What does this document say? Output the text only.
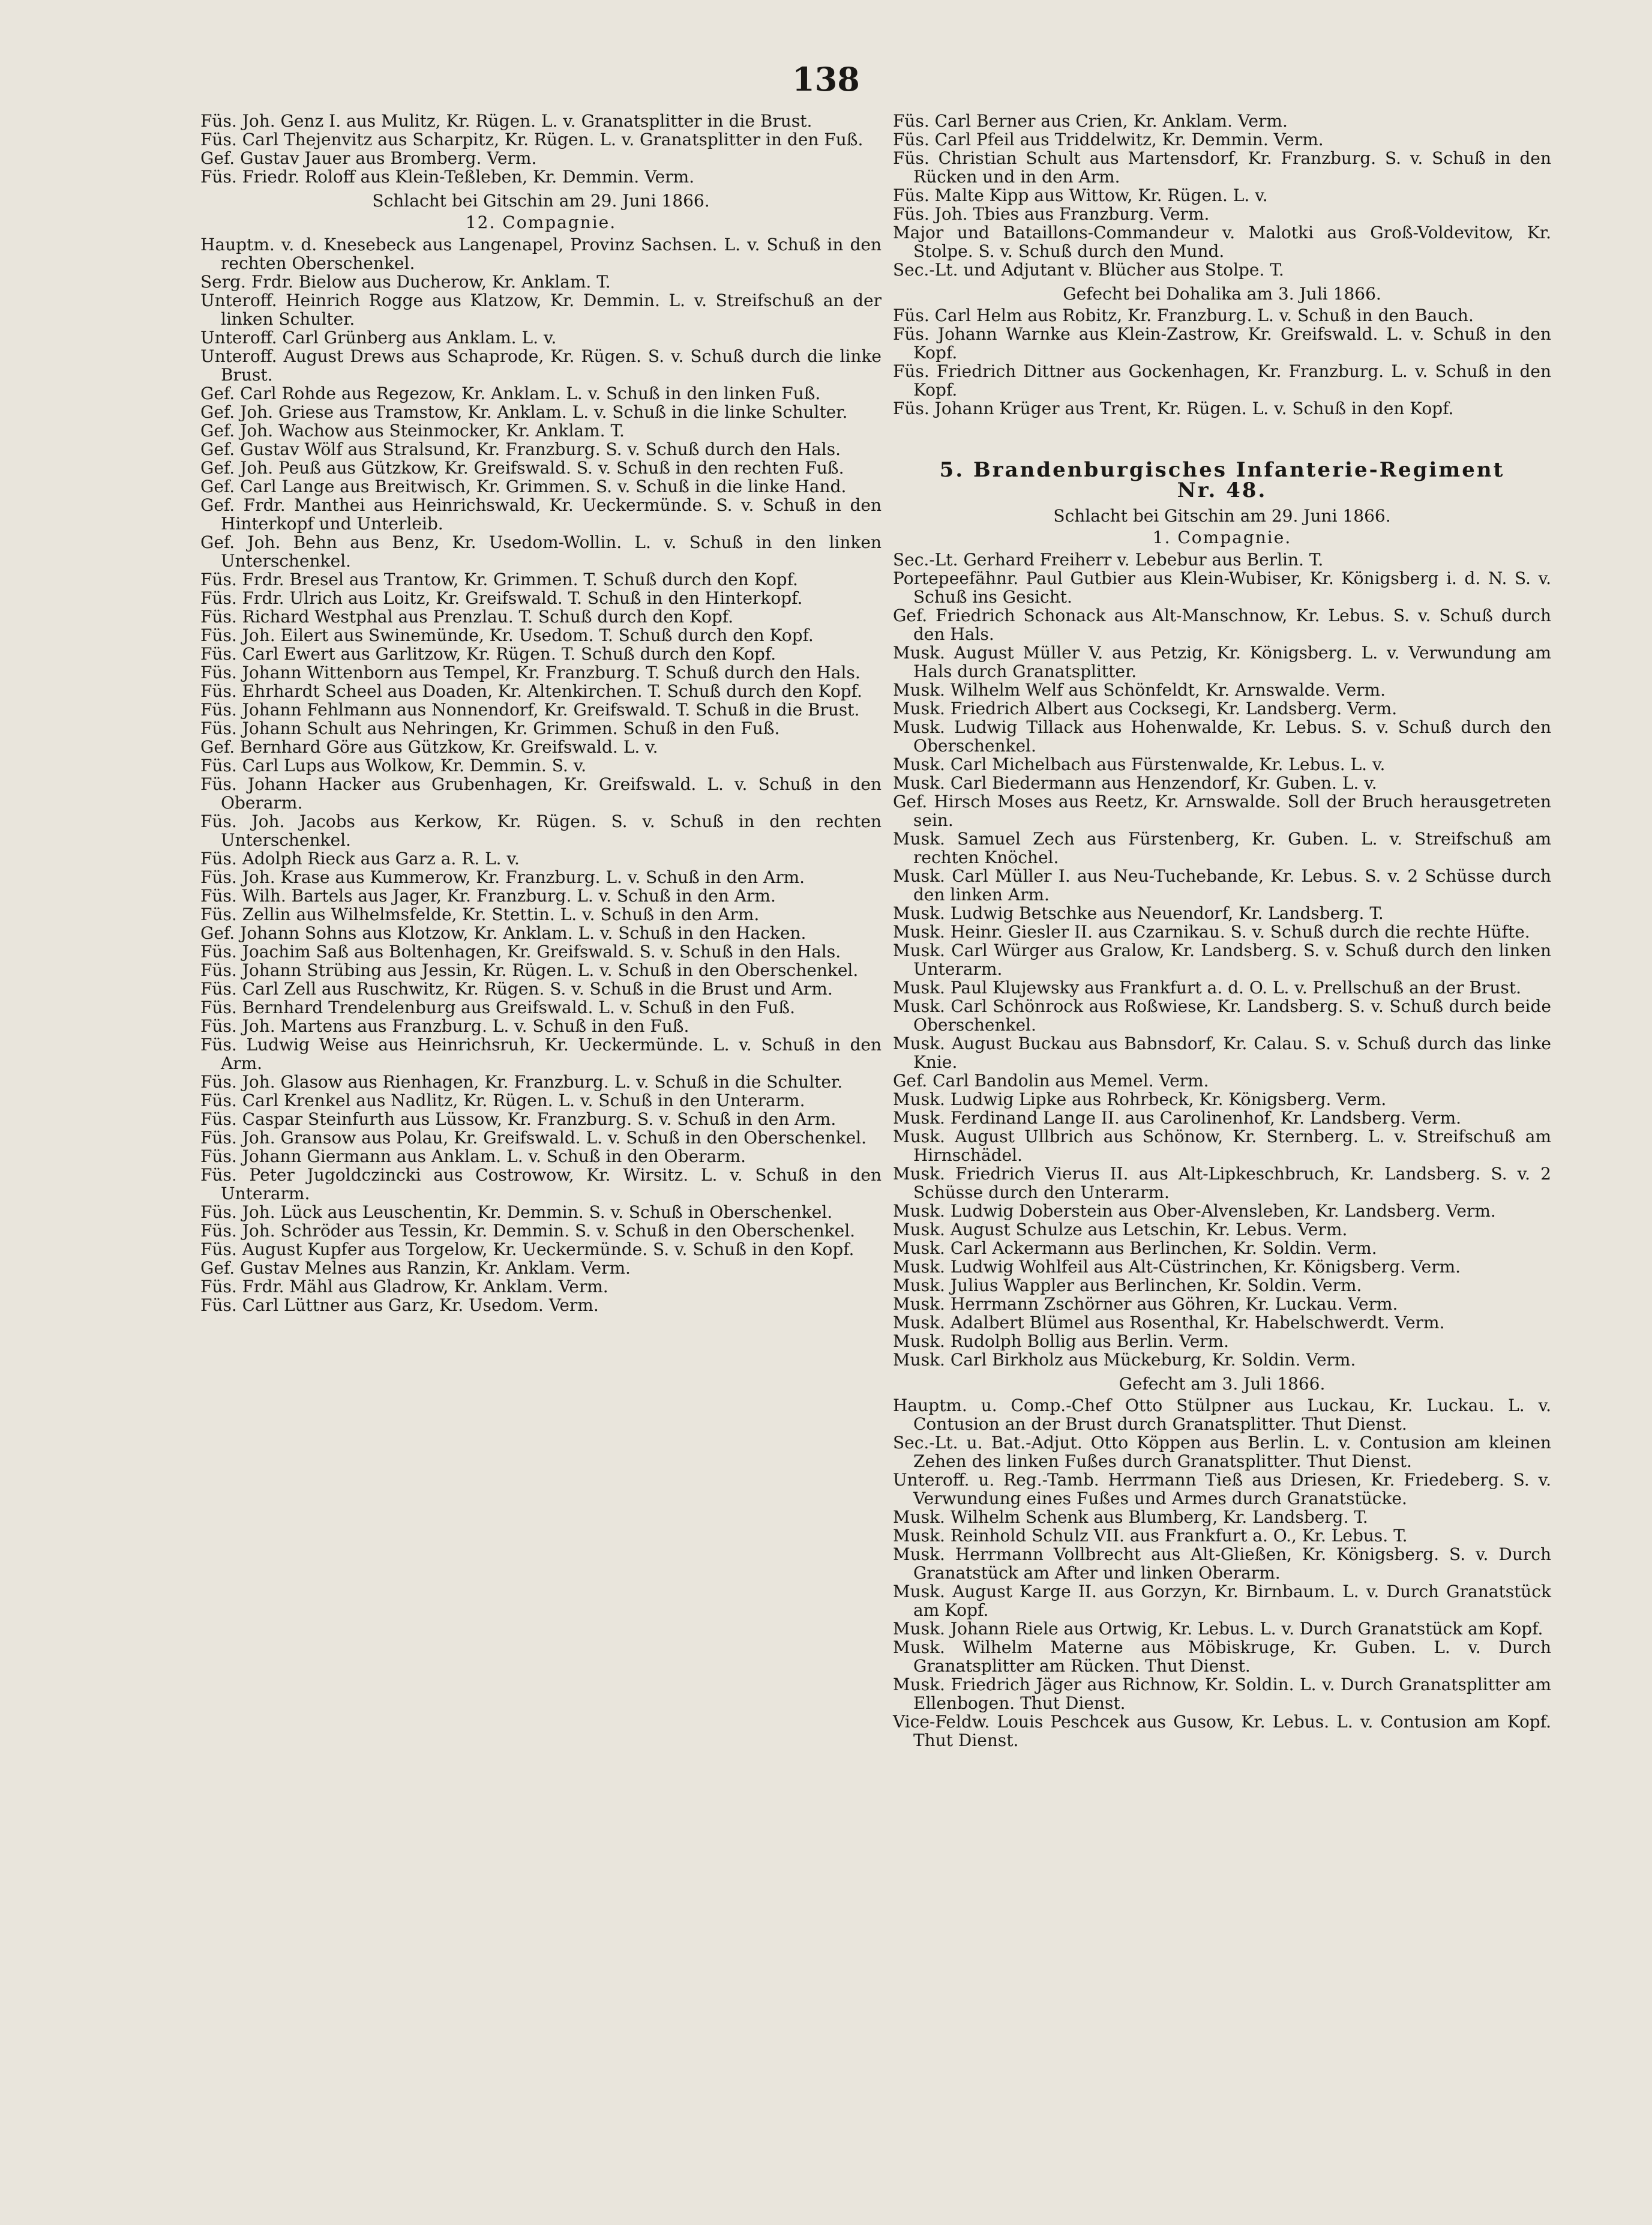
138

Füs. Joh. Genz I. aus Mulitz, Kr. Rügen. L. v. Granatsplitter in die Brust.

Füs. Carl Thejenvitz aus Scharpitz, Kr. Rügen. L. v. Granatsplitter in den Fuß.

Gef. Gustav Jauer aus Bromberg. Verm.

Füs. Friedr. Roloff aus Klein-Teßleben, Kr. Demmin. Verm.

Schlacht bei Gitschin am 29. Juni 1866.

12. Compagnie.

Hauptm. v. d. Knesebeck aus Langenapel, Provinz Sachsen. L. v. Schuß in den rechten Oberschenkel.

Serg. Frdr. Bielow aus Ducherow, Kr. Anklam. T.

Unteroff. Heinrich Rogge aus Klatzow, Kr. Demmin. L. v. Streifschuß an der linken Schulter.

Unteroff. Carl Grünberg aus Anklam. L. v.

Unteroff. August Drews aus Schaprode, Kr. Rügen. S. v. Schuß durch die linke Brust.

Gef. Carl Rohde aus Regezow, Kr. Anklam. L. v. Schuß in den linken Fuß.

Gef. Joh. Griese aus Tramstow, Kr. Anklam. L. v. Schuß in die linke Schulter.

Gef. Joh. Wachow aus Steinmocker, Kr. Anklam. T.

Gef. Gustav Wölf aus Stralsund, Kr. Franzburg. S. v. Schuß durch den Hals.

Gef. Joh. Peuß aus Gützkow, Kr. Greifswald. S. v. Schuß in den rechten Fuß.

Gef. Carl Lange aus Breitwisch, Kr. Grimmen. S. v. Schuß in die linke Hand.

Gef. Frdr. Manthei aus Heinrichswald, Kr. Ueckermünde. S. v. Schuß in den Hinterkopf und Unterleib.

Gef. Joh. Behn aus Benz, Kr. Usedom-Wollin. L. v. Schuß in den linken Unterschenkel.

Füs. Frdr. Bresel aus Trantow, Kr. Grimmen. T. Schuß durch den Kopf.

Füs. Frdr. Ulrich aus Loitz, Kr. Greifswald. T. Schuß in den Hinterkopf.

Füs. Richard Westphal aus Prenzlau. T. Schuß durch den Kopf.

Füs. Joh. Eilert aus Swinemünde, Kr. Usedom. T. Schuß durch den Kopf.

Füs. Carl Ewert aus Garlitzow, Kr. Rügen. T. Schuß durch den Kopf.

Füs. Johann Wittenborn aus Tempel, Kr. Franzburg. T. Schuß durch den Hals.

Füs. Ehrhardt Scheel aus Doaden, Kr. Altenkirchen. T. Schuß durch den Kopf.

Füs. Johann Fehlmann aus Nonnendorf, Kr. Greifswald. T. Schuß in die Brust.

Füs. Johann Schult aus Nehringen, Kr. Grimmen. Schuß in den Fuß.

Gef. Bernhard Göre aus Gützkow, Kr. Greifswald. L. v.

Füs. Carl Lups aus Wolkow, Kr. Demmin. S. v.

Füs. Johann Hacker aus Grubenhagen, Kr. Greifswald. L. v. Schuß in den Oberarm.

Füs. Joh. Jacobs aus Kerkow, Kr. Rügen. S. v. Schuß in den rechten Unterschenkel.

Füs. Adolph Rieck aus Garz a. R. L. v.

Füs. Joh. Krase aus Kummerow, Kr. Franzburg. L. v. Schuß in den Arm.

Füs. Wilh. Bartels aus Jager, Kr. Franzburg. L. v. Schuß in den Arm.

Füs. Zellin aus Wilhelmsfelde, Kr. Stettin. L. v. Schuß in den Arm.

Gef. Johann Sohns aus Klotzow, Kr. Anklam. L. v. Schuß in den Hacken.

Füs. Joachim Saß aus Boltenhagen, Kr. Greifswald. S. v. Schuß in den Hals.

Füs. Johann Strübing aus Jessin, Kr. Rügen. L. v. Schuß in den Oberschenkel.

Füs. Carl Zell aus Ruschwitz, Kr. Rügen. S. v. Schuß in die Brust und Arm.

Füs. Bernhard Trendelenburg aus Greifswald. L. v. Schuß in den Fuß.

Füs. Joh. Martens aus Franzburg. L. v. Schuß in den Fuß.

Füs. Ludwig Weise aus Heinrichsruh, Kr. Ueckermünde. L. v. Schuß in den Arm.

Füs. Joh. Glasow aus Rienhagen, Kr. Franzburg. L. v. Schuß in die Schulter.

Füs. Carl Krenkel aus Nadlitz, Kr. Rügen. L. v. Schuß in den Unterarm.

Füs. Caspar Steinfurth aus Lüssow, Kr. Franzburg. S. v. Schuß in den Arm.

Füs. Joh. Gransow aus Polau, Kr. Greifswald. L. v. Schuß in den Oberschenkel.

Füs. Johann Giermann aus Anklam. L. v. Schuß in den Oberarm.

Füs. Peter Jugoldczincki aus Costrowow, Kr. Wirsitz. L. v. Schuß in den Unterarm.

Füs. Joh. Lück aus Leuschentin, Kr. Demmin. S. v. Schuß in Oberschenkel.

Füs. Joh. Schröder aus Tessin, Kr. Demmin. S. v. Schuß in den Oberschenkel.

Füs. August Kupfer aus Torgelow, Kr. Ueckermünde. S. v. Schuß in den Kopf.

Gef. Gustav Melnes aus Ranzin, Kr. Anklam. Verm.

Füs. Frdr. Mähl aus Gladrow, Kr. Anklam. Verm.

Füs. Carl Lüttner aus Garz, Kr. Usedom. Verm.

Füs. Carl Berner aus Crien, Kr. Anklam. Verm.

Füs. Carl Pfeil aus Triddelwitz, Kr. Demmin. Verm.

Füs. Christian Schult aus Martensdorf, Kr. Franzburg. S. v. Schuß in den Rücken und in den Arm.

Füs. Malte Kipp aus Wittow, Kr. Rügen. L. v.

Füs. Joh. Tbies aus Franzburg. Verm.

Major und Bataillons-Commandeur v. Malotki aus Groß-Voldevitow, Kr. Stolpe. S. v. Schuß durch den Mund.

Sec.-Lt. und Adjutant v. Blücher aus Stolpe. T.

Gefecht bei Dohalika am 3. Juli 1866.

Füs. Carl Helm aus Robitz, Kr. Franzburg. L. v. Schuß in den Bauch.

Füs. Johann Warnke aus Klein-Zastrow, Kr. Greifswald. L. v. Schuß in den Kopf.

Füs. Friedrich Dittner aus Gockenhagen, Kr. Franzburg. L. v. Schuß in den Kopf.

Füs. Johann Krüger aus Trent, Kr. Rügen. L. v. Schuß in den Kopf.

5. Brandenburgisches Infanterie-Regiment
Nr. 48.

Schlacht bei Gitschin am 29. Juni 1866.

1. Compagnie.

Sec.-Lt. Gerhard Freiherr v. Lebebur aus Berlin. T.

Portepeefähnr. Paul Gutbier aus Klein-Wubiser, Kr. Königsberg i. d. N. S. v. Schuß ins Gesicht.

Gef. Friedrich Schonack aus Alt-Manschnow, Kr. Lebus. S. v. Schuß durch den Hals.

Musk. August Müller V. aus Petzig, Kr. Königsberg. L. v. Verwundung am Hals durch Granatsplitter.

Musk. Wilhelm Welf aus Schönfeldt, Kr. Arnswalde. Verm.

Musk. Friedrich Albert aus Cocksegi, Kr. Landsberg. Verm.

Musk. Ludwig Tillack aus Hohenwalde, Kr. Lebus. S. v. Schuß durch den Oberschenkel.

Musk. Carl Michelbach aus Fürstenwalde, Kr. Lebus. L. v.

Musk. Carl Biedermann aus Henzendorf, Kr. Guben. L. v.

Gef. Hirsch Moses aus Reetz, Kr. Arnswalde. Soll der Bruch herausgetreten sein.

Musk. Samuel Zech aus Fürstenberg, Kr. Guben. L. v. Streifschuß am rechten Knöchel.

Musk. Carl Müller I. aus Neu-Tuchebande, Kr. Lebus. S. v. 2 Schüsse durch den linken Arm.

Musk. Ludwig Betschke aus Neuendorf, Kr. Landsberg. T.

Musk. Heinr. Giesler II. aus Czarnikau. S. v. Schuß durch die rechte Hüfte.

Musk. Carl Würger aus Gralow, Kr. Landsberg. S. v. Schuß durch den linken Unterarm.

Musk. Paul Klujewsky aus Frankfurt a. d. O. L. v. Prellschuß an der Brust.

Musk. Carl Schönrock aus Roßwiese, Kr. Landsberg. S. v. Schuß durch beide Oberschenkel.

Musk. August Buckau aus Babnsdorf, Kr. Calau. S. v. Schuß durch das linke Knie.

Gef. Carl Bandolin aus Memel. Verm.

Musk. Ludwig Lipke aus Rohrbeck, Kr. Königsberg. Verm.

Musk. Ferdinand Lange II. aus Carolinenhof, Kr. Landsberg. Verm.

Musk. August Ullbrich aus Schönow, Kr. Sternberg. L. v. Streifschuß am Hirnschädel.

Musk. Friedrich Vierus II. aus Alt-Lipkeschbruch, Kr. Landsberg. S. v. 2 Schüsse durch den Unterarm.

Musk. Ludwig Doberstein aus Ober-Alvensleben, Kr. Landsberg. Verm.

Musk. August Schulze aus Letschin, Kr. Lebus. Verm.

Musk. Carl Ackermann aus Berlinchen, Kr. Soldin. Verm.

Musk. Ludwig Wohlfeil aus Alt-Cüstrinchen, Kr. Königsberg. Verm.

Musk. Julius Wappler aus Berlinchen, Kr. Soldin. Verm.

Musk. Herrmann Zschörner aus Göhren, Kr. Luckau. Verm.

Musk. Adalbert Blümel aus Rosenthal, Kr. Habelschwerdt. Verm.

Musk. Rudolph Bollig aus Berlin. Verm.

Musk. Carl Birkholz aus Mückeburg, Kr. Soldin. Verm.

Gefecht am 3. Juli 1866.

Hauptm. u. Comp.-Chef Otto Stülpner aus Luckau, Kr. Luckau. L. v. Contusion an der Brust durch Granatsplitter. Thut Dienst.

Sec.-Lt. u. Bat.-Adjut. Otto Köppen aus Berlin. L. v. Contusion am kleinen Zehen des linken Fußes durch Granatsplitter. Thut Dienst.

Unteroff. u. Reg.-Tamb. Herrmann Tieß aus Driesen, Kr. Friedeberg. S. v. Verwundung eines Fußes und Armes durch Granatstücke.

Musk. Wilhelm Schenk aus Blumberg, Kr. Landsberg. T.

Musk. Reinhold Schulz VII. aus Frankfurt a. O., Kr. Lebus. T.

Musk. Herrmann Vollbrecht aus Alt-Gließen, Kr. Königsberg. S. v. Durch Granatstück am After und linken Oberarm.

Musk. August Karge II. aus Gorzyn, Kr. Birnbaum. L. v. Durch Granatstück am Kopf.

Musk. Johann Riele aus Ortwig, Kr. Lebus. L. v. Durch Granatstück am Kopf.

Musk. Wilhelm Materne aus Möbiskruge, Kr. Guben. L. v. Durch Granatsplitter am Rücken. Thut Dienst.

Musk. Friedrich Jäger aus Richnow, Kr. Soldin. L. v. Durch Granatsplitter am Ellenbogen. Thut Dienst.

Vice-Feldw. Louis Peschcek aus Gusow, Kr. Lebus. L. v. Contusion am Kopf. Thut Dienst.
